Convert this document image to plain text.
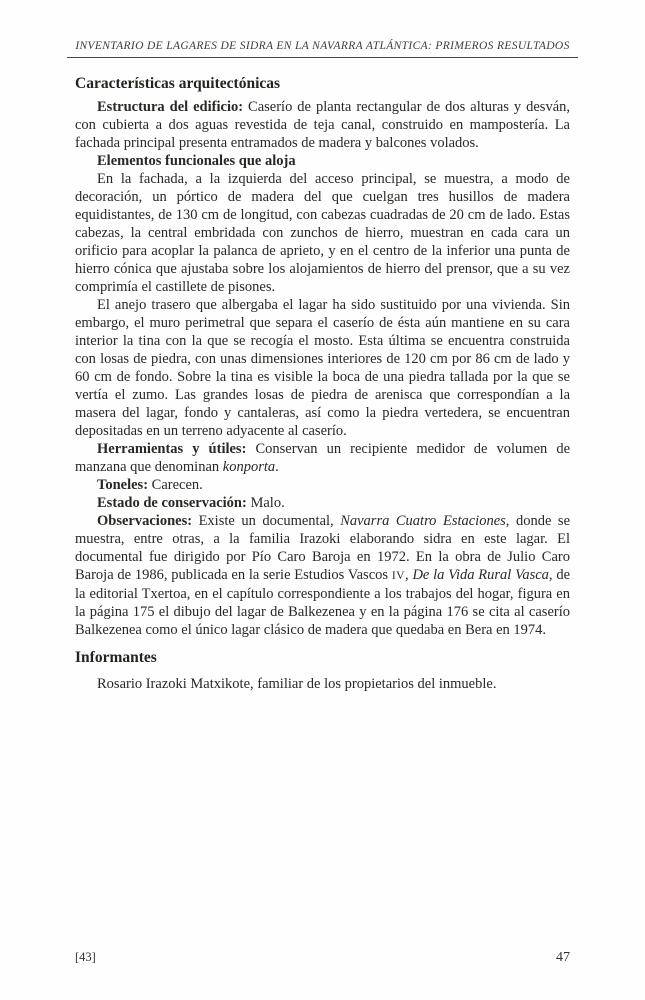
INVENTARIO DE LAGARES DE SIDRA EN LA NAVARRA ATLÁNTICA: PRIMEROS RESULTADOS
Características arquitectónicas

Estructura del edificio: Caserío de planta rectangular de dos alturas y desván, con cubierta a dos aguas revestida de teja canal, construido en mampostería. La fachada principal presenta entramados de madera y balcones volados.

Elementos funcionales que aloja

En la fachada, a la izquierda del acceso principal, se muestra, a modo de decoración, un pórtico de madera del que cuelgan tres husillos de madera equidistantes, de 130 cm de longitud, con cabezas cuadradas de 20 cm de lado. Estas cabezas, la central embridada con zunchos de hierro, muestran en cada cara un orificio para acoplar la palanca de aprieto, y en el centro de la inferior una punta de hierro cónica que ajustaba sobre los alojamientos de hierro del prensor, que a su vez comprimía el castillete de pisones.

El anejo trasero que albergaba el lagar ha sido sustituido por una vivienda. Sin embargo, el muro perimetral que separa el caserío de ésta aún mantiene en su cara interior la tina con la que se recogía el mosto. Esta última se encuentra construida con losas de piedra, con unas dimensiones interiores de 120 cm por 86 cm de lado y 60 cm de fondo. Sobre la tina es visible la boca de una piedra tallada por la que se vertía el zumo. Las grandes losas de piedra de arenisca que correspondían a la masera del lagar, fondo y cantaleras, así como la piedra vertedera, se encuentran depositadas en un terreno adyacente al caserío.

Herramientas y útiles: Conservan un recipiente medidor de volumen de manzana que denominan konporta.

Toneles: Carecen.

Estado de conservación: Malo.

Observaciones: Existe un documental, Navarra Cuatro Estaciones, donde se muestra, entre otras, a la familia Irazoki elaborando sidra en este lagar. El documental fue dirigido por Pío Caro Baroja en 1972. En la obra de Julio Caro Baroja de 1986, publicada en la serie Estudios Vascos IV, De la Vida Rural Vasca, de la editorial Txertoa, en el capítulo correspondiente a los trabajos del hogar, figura en la página 175 el dibujo del lagar de Balkezenea y en la página 176 se cita al caserío Balkezenea como el único lagar clásico de madera que quedaba en Bera en 1974.

Informantes

Rosario Irazoki Matxikote, familiar de los propietarios del inmueble.

[43]	47
